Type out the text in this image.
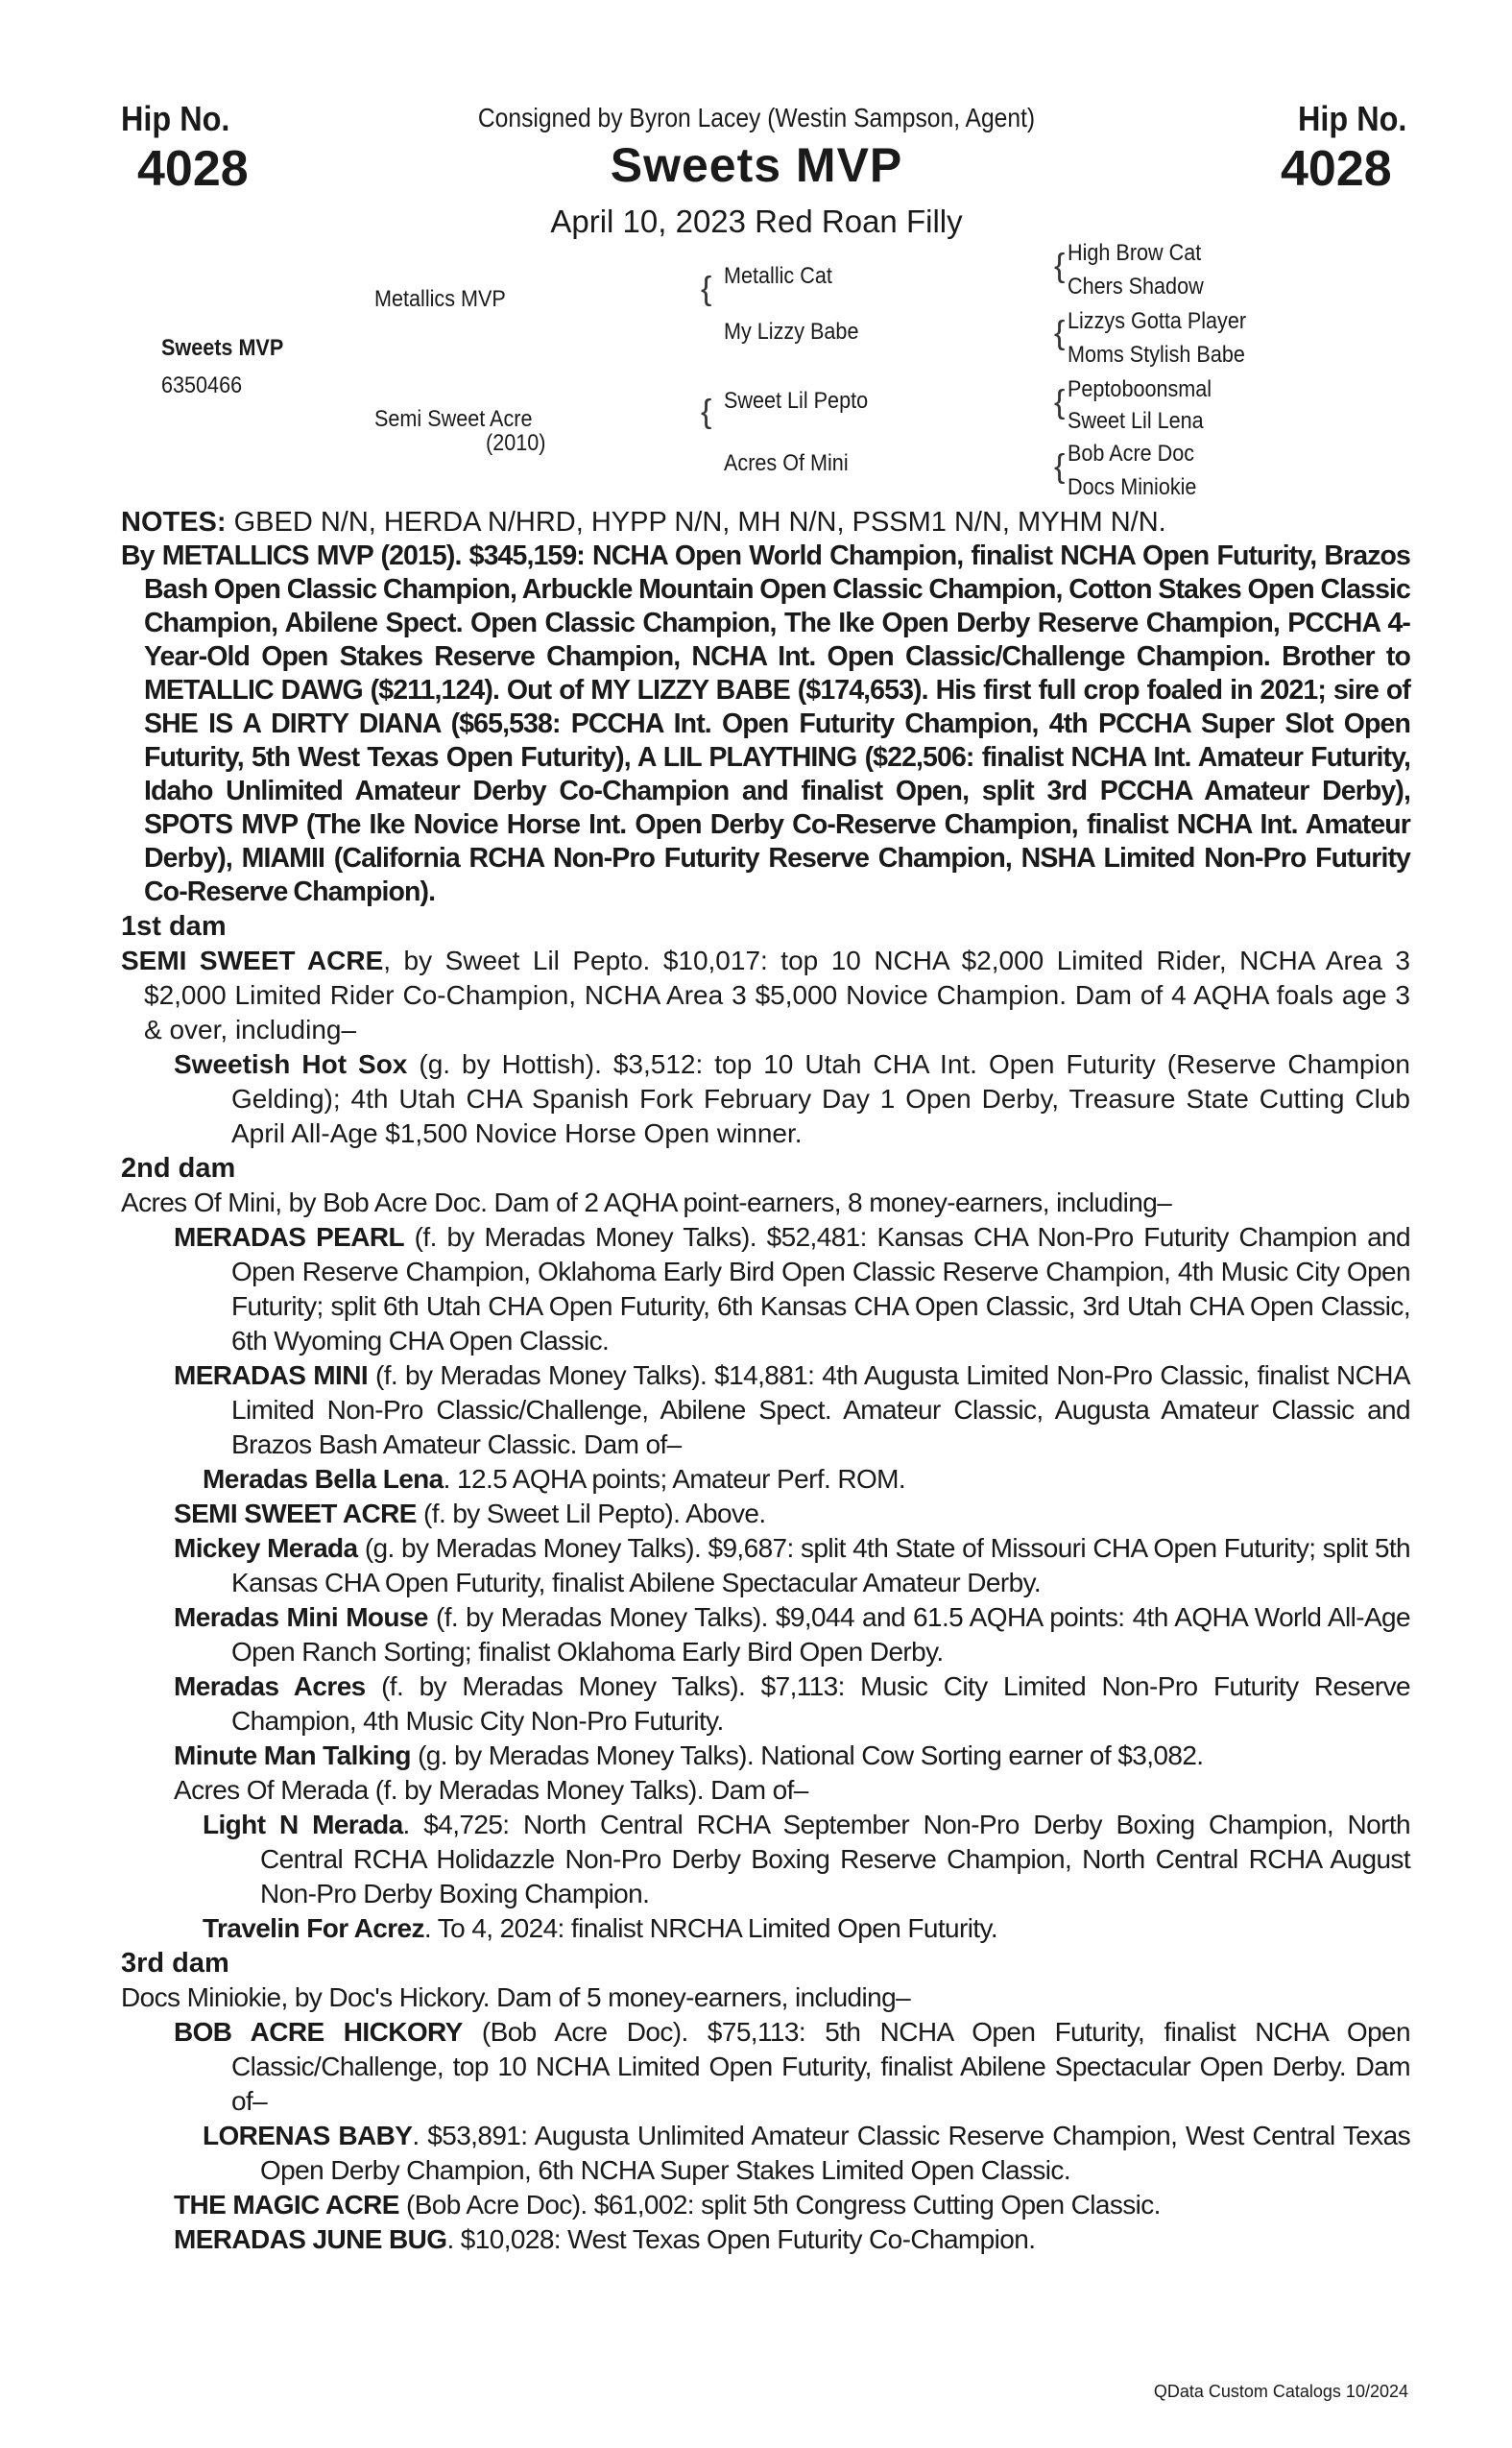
Hip No.
4028
Hip No.
4028
Consigned by Byron Lacey (Westin Sampson, Agent)
Sweets MVP
April 10, 2023 Red Roan Filly
Sweets MVP
6350466
Metallics MVP
Semi Sweet Acre
(2010)
{ Metallic Cat
My Lizzy Babe
{ Sweet Lil Pepto
Acres Of Mini
{ High Brow Cat
Chers Shadow
{ Lizzys Gotta Player
Moms Stylish Babe
{ Peptoboonsmal
Sweet Lil Lena
{ Bob Acre Doc
Docs Miniokie

NOTES: GBED N/N, HERDA N/HRD, HYPP N/N, MH N/N, PSSM1 N/N, MYHM N/N.

By METALLICS MVP (2015). $345,159: NCHA Open World Champion, finalist NCHA Open Futurity, Brazos Bash Open Classic Champion, Arbuckle Mountain Open Classic Champion, Cotton Stakes Open Classic Champion, Abilene Spect. Open Classic Champion, The Ike Open Derby Reserve Champion, PCCHA 4-Year-Old Open Stakes Reserve Champion, NCHA Int. Open Classic/Challenge Champion. Brother to METALLIC DAWG ($211,124). Out of MY LIZZY BABE ($174,653). His first full crop foaled in 2021; sire of SHE IS A DIRTY DIANA ($65,538: PCCHA Int. Open Futurity Champion, 4th PCCHA Super Slot Open Futurity, 5th West Texas Open Futurity), A LIL PLAYTHING ($22,506: finalist NCHA Int. Amateur Futurity, Idaho Unlimited Amateur Derby Co-Champion and finalist Open, split 3rd PCCHA Amateur Derby), SPOTS MVP (The Ike Novice Horse Int. Open Derby Co-Reserve Champion, finalist NCHA Int. Amateur Derby), MIAMII (California RCHA Non-Pro Futurity Reserve Champion, NSHA Limited Non-Pro Futurity Co-Reserve Champion).

1st dam

SEMI SWEET ACRE, by Sweet Lil Pepto. $10,017: top 10 NCHA $2,000 Limited Rider, NCHA Area 3 $2,000 Limited Rider Co-Champion, NCHA Area 3 $5,000 Novice Champion. Dam of 4 AQHA foals age 3 & over, including–

Sweetish Hot Sox (g. by Hottish). $3,512: top 10 Utah CHA Int. Open Futurity (Reserve Champion Gelding); 4th Utah CHA Spanish Fork February Day 1 Open Derby, Treasure State Cutting Club April All-Age $1,500 Novice Horse Open winner.

2nd dam

Acres Of Mini, by Bob Acre Doc. Dam of 2 AQHA point-earners, 8 money-earners, including–

MERADAS PEARL (f. by Meradas Money Talks). $52,481: Kansas CHA Non-Pro Futurity Champion and Open Reserve Champion, Oklahoma Early Bird Open Classic Reserve Champion, 4th Music City Open Futurity; split 6th Utah CHA Open Futurity, 6th Kansas CHA Open Classic, 3rd Utah CHA Open Classic, 6th Wyoming CHA Open Classic.

MERADAS MINI (f. by Meradas Money Talks). $14,881: 4th Augusta Limited Non-Pro Classic, finalist NCHA Limited Non-Pro Classic/Challenge, Abilene Spect. Amateur Classic, Augusta Amateur Classic and Brazos Bash Amateur Classic. Dam of–

Meradas Bella Lena. 12.5 AQHA points; Amateur Perf. ROM.

SEMI SWEET ACRE (f. by Sweet Lil Pepto). Above.

Mickey Merada (g. by Meradas Money Talks). $9,687: split 4th State of Missouri CHA Open Futurity; split 5th Kansas CHA Open Futurity, finalist Abilene Spectacular Amateur Derby.

Meradas Mini Mouse (f. by Meradas Money Talks). $9,044 and 61.5 AQHA points: 4th AQHA World All-Age Open Ranch Sorting; finalist Oklahoma Early Bird Open Derby.

Meradas Acres (f. by Meradas Money Talks). $7,113: Music City Limited Non-Pro Futurity Reserve Champion, 4th Music City Non-Pro Futurity.

Minute Man Talking (g. by Meradas Money Talks). National Cow Sorting earner of $3,082.

Acres Of Merada (f. by Meradas Money Talks). Dam of–

Light N Merada. $4,725: North Central RCHA September Non-Pro Derby Boxing Champion, North Central RCHA Holidazzle Non-Pro Derby Boxing Reserve Champion, North Central RCHA August Non-Pro Derby Boxing Champion.

Travelin For Acrez. To 4, 2024: finalist NRCHA Limited Open Futurity.

3rd dam

Docs Miniokie, by Doc's Hickory. Dam of 5 money-earners, including–

BOB ACRE HICKORY (Bob Acre Doc). $75,113: 5th NCHA Open Futurity, finalist NCHA Open Classic/Challenge, top 10 NCHA Limited Open Futurity, finalist Abilene Spectacular Open Derby. Dam of–

LORENAS BABY. $53,891: Augusta Unlimited Amateur Classic Reserve Champion, West Central Texas Open Derby Champion, 6th NCHA Super Stakes Limited Open Classic.

THE MAGIC ACRE (Bob Acre Doc). $61,002: split 5th Congress Cutting Open Classic.

MERADAS JUNE BUG. $10,028: West Texas Open Futurity Co-Champion.

QData Custom Catalogs 10/2024
